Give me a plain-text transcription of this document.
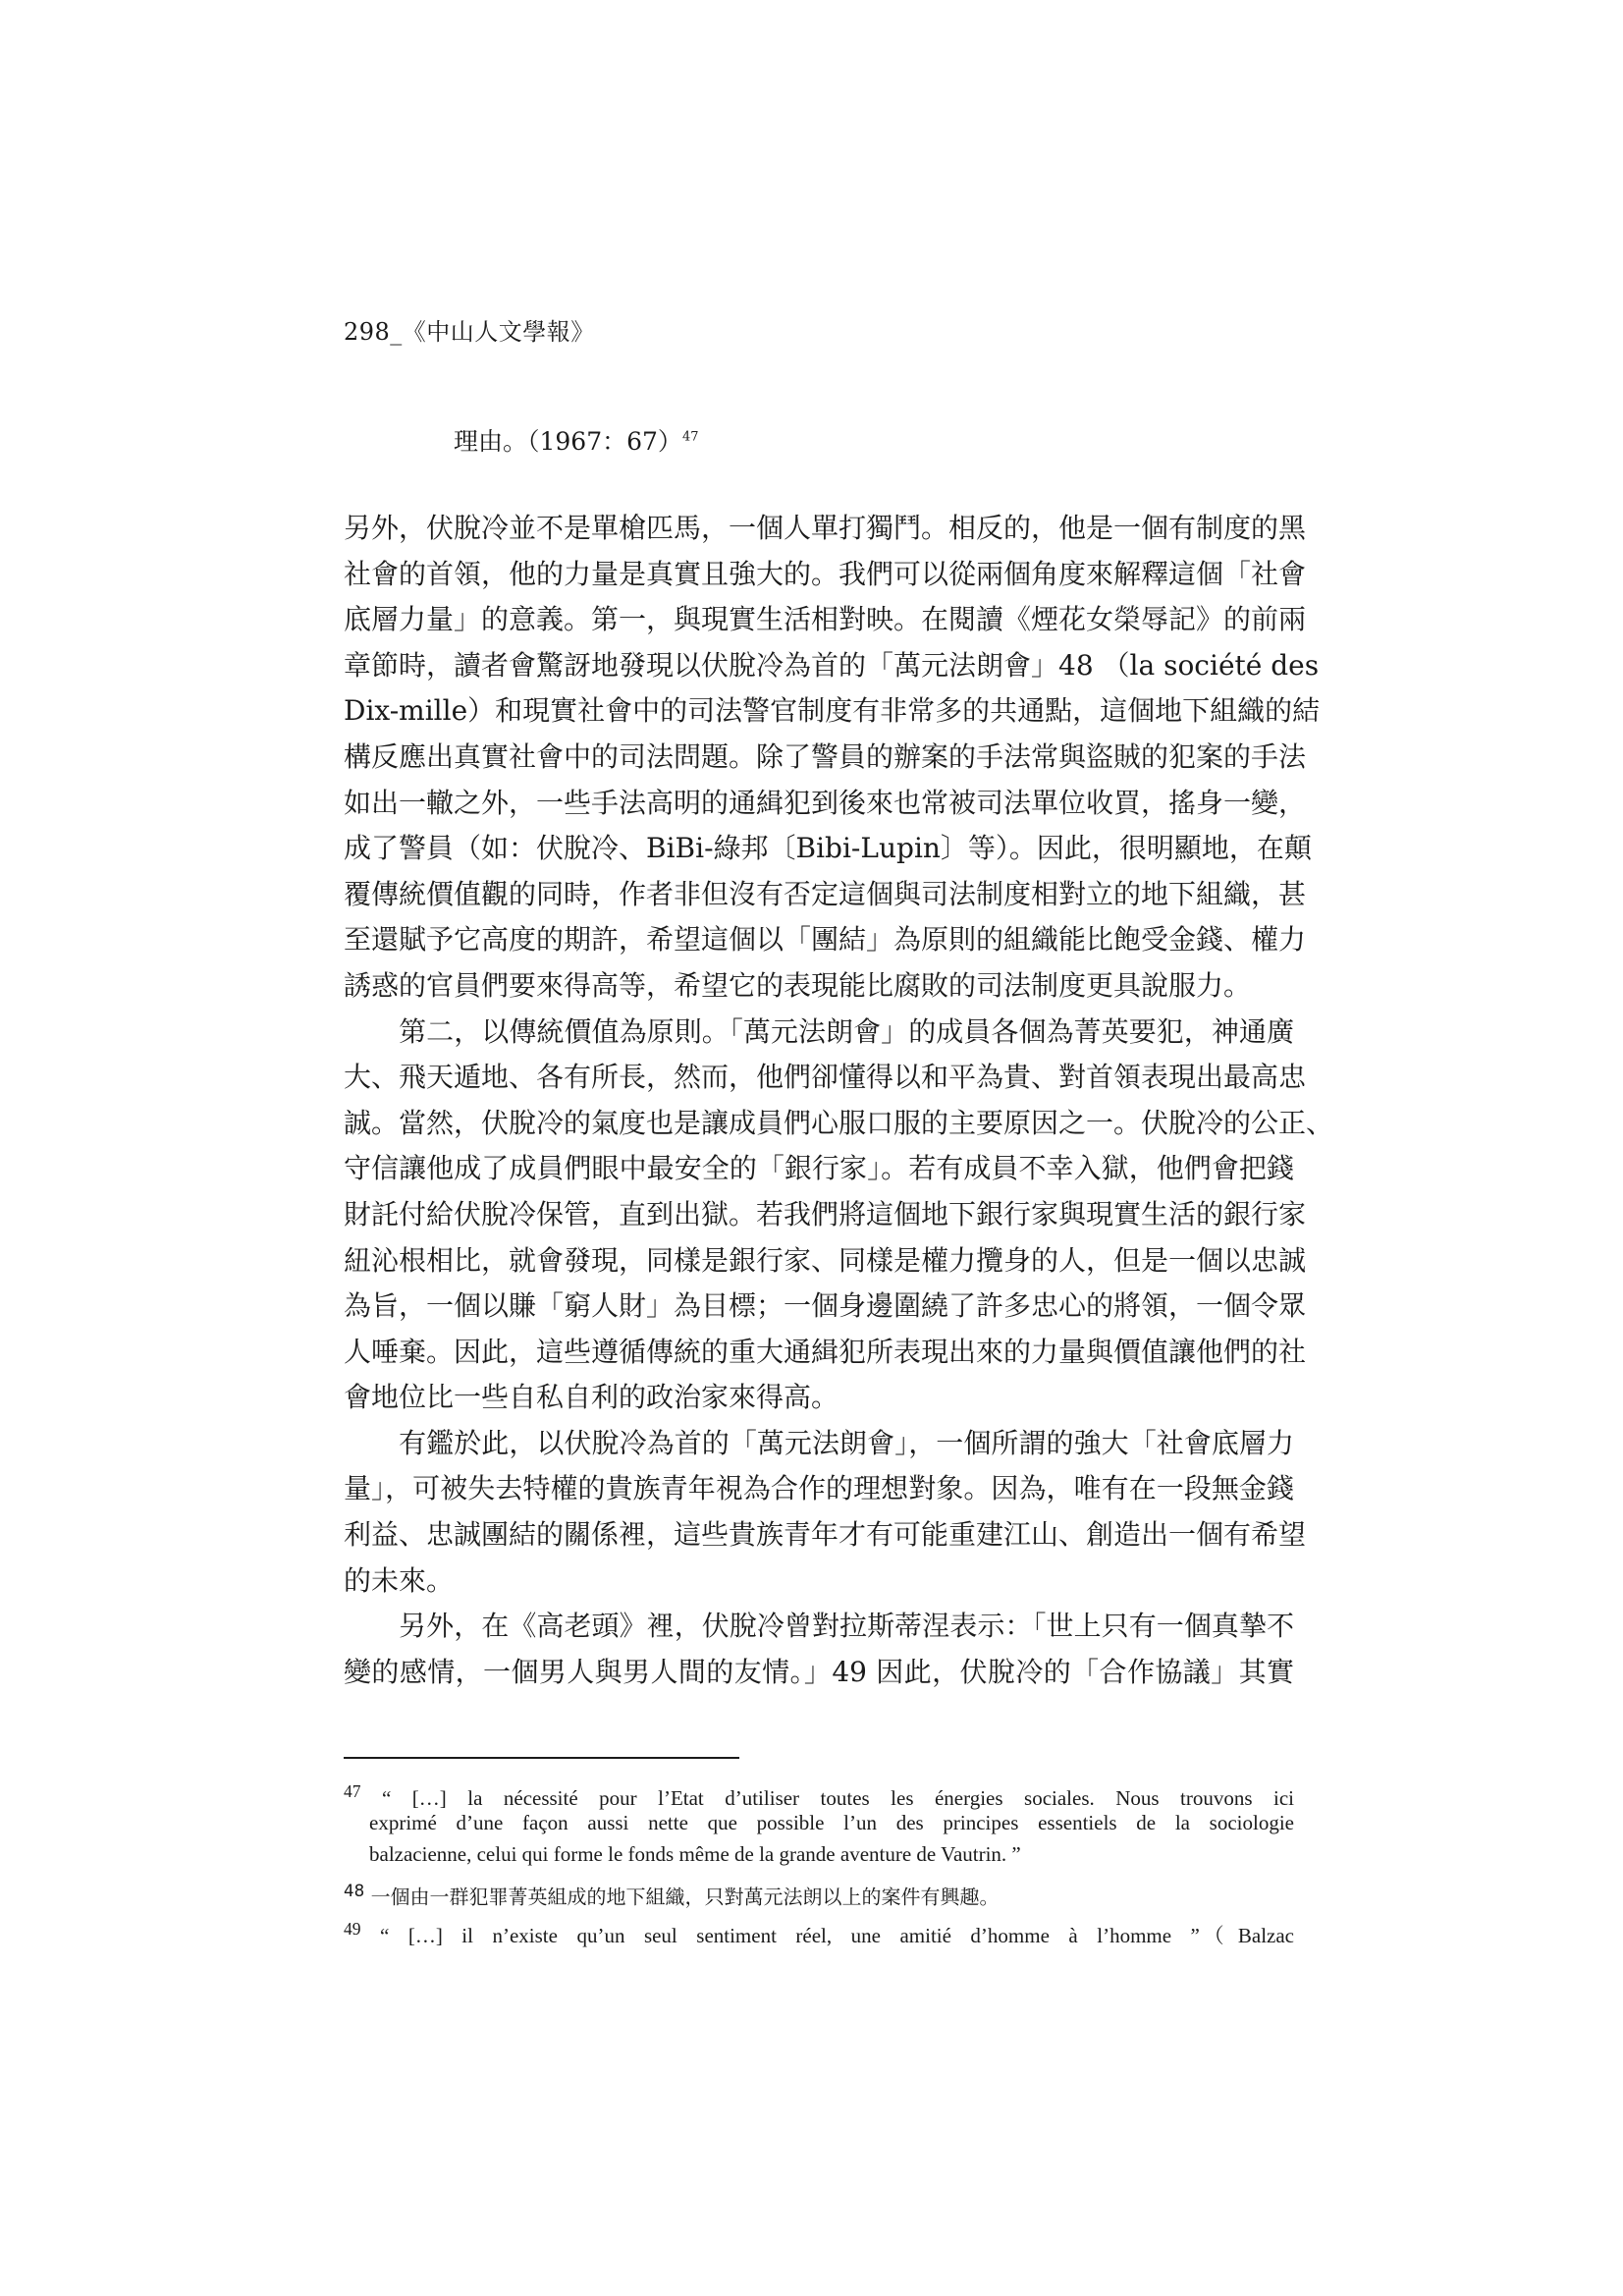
298_《中山人文學報》
理由。（1967：67）$^{47}$
另外，伏脫冷並不是單槍匹馬，一個人單打獨鬥。相反的，他是一個有制度的黑
社會的首領，他的力量是真實且強大的。我們可以從兩個角度來解釋這個「社會
底層力量」的意義。第一，與現實生活相對映。在閱讀《煙花女榮辱記》的前兩
章節時，讀者會驚訝地發現以伏脫冷為首的「萬元法朗會」48 （la société des
Dix-mille）和現實社會中的司法警官制度有非常多的共通點，這個地下組織的結
構反應出真實社會中的司法問題。除了警員的辦案的手法常與盜賊的犯案的手法
如出一轍之外，一些手法高明的通緝犯到後來也常被司法單位收買，搖身一變，
成了警員（如：伏脫冷、BiBi-綠邦〔Bibi-Lupin〕等）。因此，很明顯地，在顛
覆傳統價值觀的同時，作者非但沒有否定這個與司法制度相對立的地下組織，甚
至還賦予它高度的期許，希望這個以「團結」為原則的組織能比飽受金錢、權力
誘惑的官員們要來得高等，希望它的表現能比腐敗的司法制度更具說服力。
　　第二，以傳統價值為原則。「萬元法朗會」的成員各個為菁英要犯，神通廣
大、飛天遁地、各有所長，然而，他們卻懂得以和平為貴、對首領表現出最高忠
誠。當然，伏脫冷的氣度也是讓成員們心服口服的主要原因之一。伏脫冷的公正、
守信讓他成了成員們眼中最安全的「銀行家」。若有成員不幸入獄，他們會把錢
財託付給伏脫冷保管，直到出獄。若我們將這個地下銀行家與現實生活的銀行家
紐沁根相比，就會發現，同樣是銀行家、同樣是權力攬身的人，但是一個以忠誠
為旨，一個以賺「窮人財」為目標；一個身邊圍繞了許多忠心的將領，一個令眾
人唾棄。因此，這些遵循傳統的重大通緝犯所表現出來的力量與價值讓他們的社
會地位比一些自私自利的政治家來得高。
　　有鑑於此，以伏脫冷為首的「萬元法朗會」，一個所謂的強大「社會底層力
量」，可被失去特權的貴族青年視為合作的理想對象。因為，唯有在一段無金錢
利益、忠誠團結的關係裡，這些貴族青年才有可能重建江山、創造出一個有希望
的未來。
　　另外，在《高老頭》裡，伏脫冷曾對拉斯蒂涅表示：「世上只有一個真摯不
變的感情，一個男人與男人間的友情。」49 因此，伏脫冷的「合作協議」其實
$^{47}$ “ […] la nécessité pour l’Etat d’utiliser toutes les énergies sociales. Nous trouvons ici
exprimé d’une façon aussi nette que possible l’un des principes essentiels de la sociologie
balzacienne, celui qui forme le fonds même de la grande aventure de Vautrin. ”
$^{48}$ 一個由一群犯罪菁英組成的地下組織，只對萬元法朗以上的案件有興趣。
$^{49}$ “ […] il n’existe qu’un seul sentiment réel, une amitié d’homme à l’homme ”（Balzac
